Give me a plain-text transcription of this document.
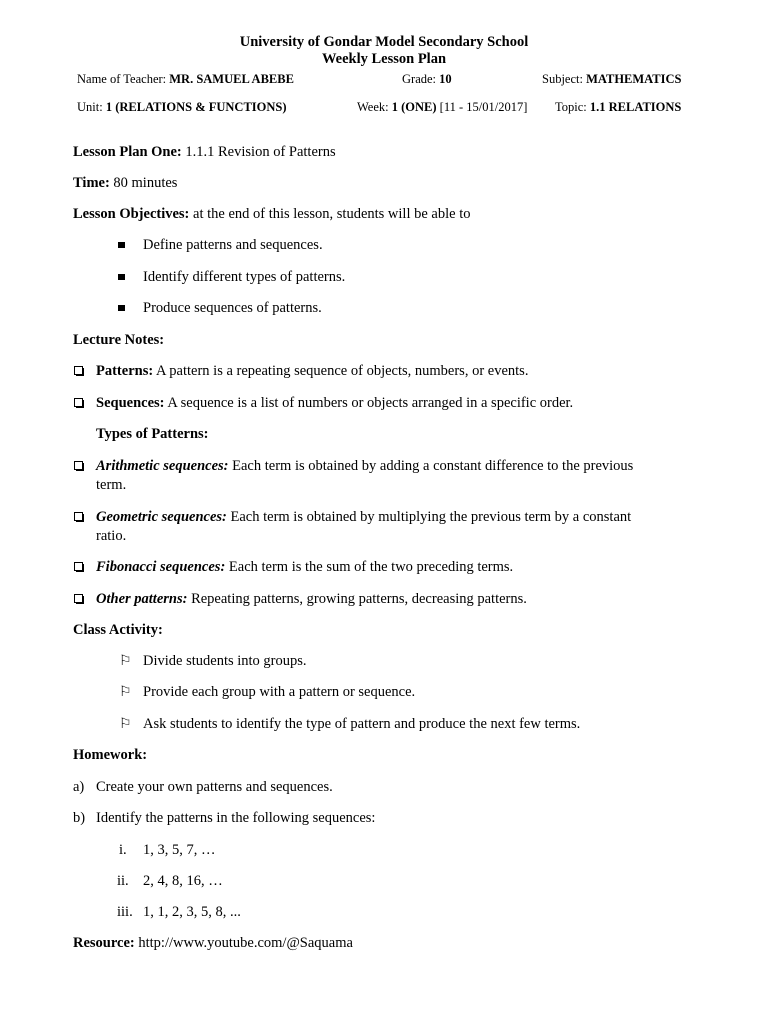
University of Gondar Model Secondary School
Weekly Lesson Plan
Name of Teacher: MR. SAMUEL ABEBE	Grade: 10	Subject: MATHEMATICS
Unit: 1 (RELATIONS & FUNCTIONS)	Week: 1 (ONE) [11 - 15/01/2017] Topic: 1.1 RELATIONS
Lesson Plan One: 1.1.1 Revision of Patterns
Time: 80 minutes
Lesson Objectives: at the end of this lesson, students will be able to
Define patterns and sequences.
Identify different types of patterns.
Produce sequences of patterns.
Lecture Notes:
Patterns: A pattern is a repeating sequence of objects, numbers, or events.
Sequences: A sequence is a list of numbers or objects arranged in a specific order.
Types of Patterns:
Arithmetic sequences: Each term is obtained by adding a constant difference to the previous
term.
Geometric sequences: Each term is obtained by multiplying the previous term by a constant
ratio.
Fibonacci sequences: Each term is the sum of the two preceding terms.
Other patterns: Repeating patterns, growing patterns, decreasing patterns.
Class Activity:
⚐ Divide students into groups.
⚐ Provide each group with a pattern or sequence.
⚐ Ask students to identify the type of pattern and produce the next few terms.
Homework:
a) Create your own patterns and sequences.
b) Identify the patterns in the following sequences:
i. 1, 3, 5, 7, …
ii. 2, 4, 8, 16, …
iii. 1, 1, 2, 3, 5, 8, ...
Resource: http://www.youtube.com/@Saquama
